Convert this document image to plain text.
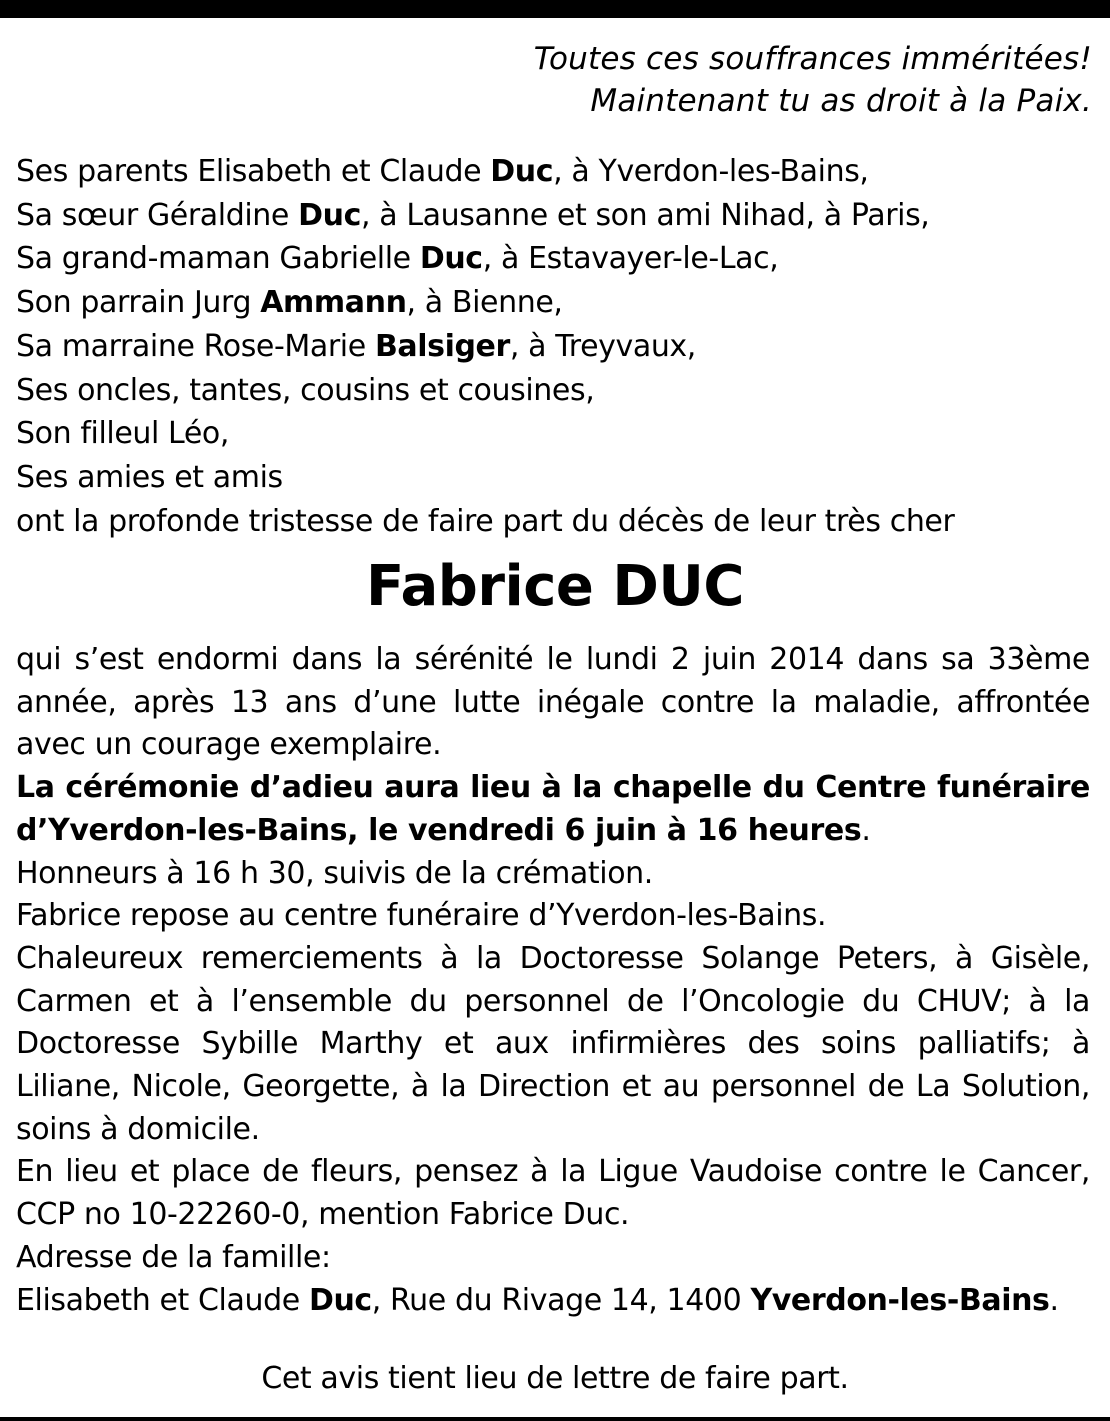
Toutes ces souffrances imméritées!
Maintenant tu as droit à la Paix.
Ses parents Elisabeth et Claude Duc, à Yverdon-les-Bains,
Sa sœur Géraldine Duc, à Lausanne et son ami Nihad, à Paris,
Sa grand-maman Gabrielle Duc, à Estavayer-le-Lac,
Son parrain Jurg Ammann, à Bienne,
Sa marraine Rose-Marie Balsiger, à Treyvaux,
Ses oncles, tantes, cousins et cousines,
Son filleul Léo,
Ses amies et amis
ont la profonde tristesse de faire part du décès de leur très cher
Fabrice DUC
qui s’est endormi dans la sérénité le lundi 2 juin 2014 dans sa 33ème année, après 13 ans d’une lutte inégale contre la maladie, affrontée avec un courage exemplaire.
La cérémonie d’adieu aura lieu à la chapelle du Centre funéraire d’Yverdon-les-Bains, le vendredi 6 juin à 16 heures.
Honneurs à 16 h 30, suivis de la crémation.
Fabrice repose au centre funéraire d’Yverdon-les-Bains.
Chaleureux remerciements à la Doctoresse Solange Peters, à Gisèle, Carmen et à l’ensemble du personnel de l’Oncologie du CHUV; à la Doctoresse Sybille Marthy et aux infirmières des soins palliatifs; à Liliane, Nicole, Georgette, à la Direction et au personnel de La Solution, soins à domicile.
En lieu et place de fleurs, pensez à la Ligue Vaudoise contre le Cancer, CCP no 10-22260-0, mention Fabrice Duc.
Adresse de la famille:
Elisabeth et Claude Duc, Rue du Rivage 14, 1400 Yverdon-les-Bains.
Cet avis tient lieu de lettre de faire part.
